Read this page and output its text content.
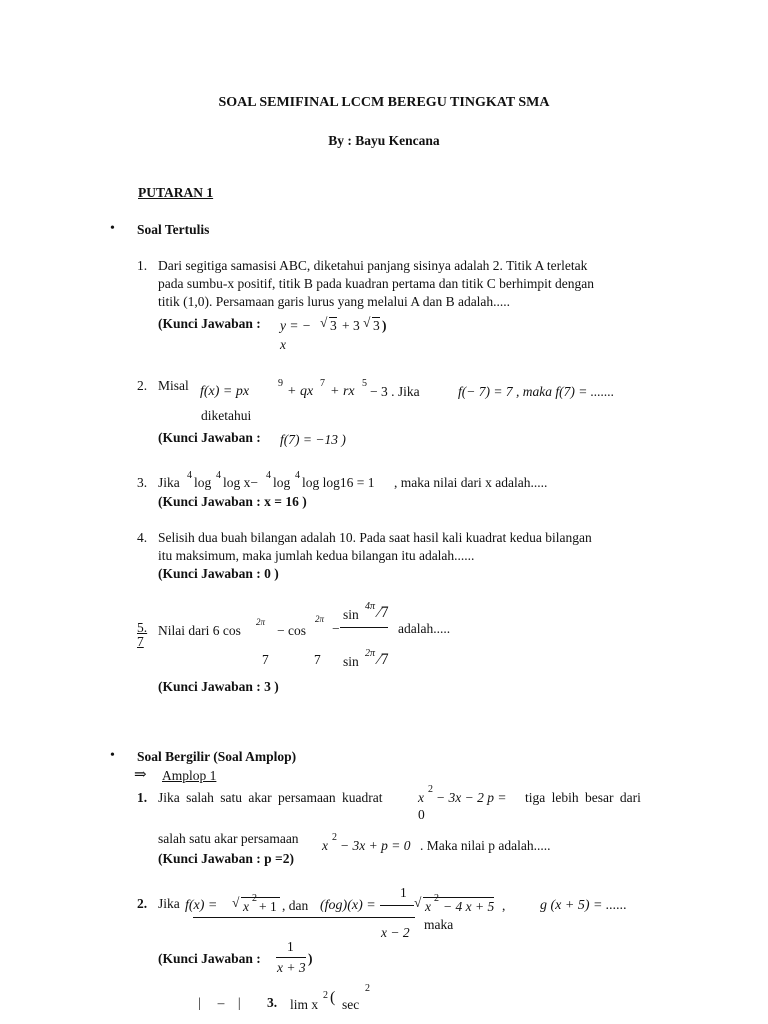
SOAL SEMIFINAL LCCM BEREGU TINGKAT SMA
By : Bayu Kencana
PUTARAN 1
• Soal Tertulis
1. Dari segitiga samasisi ABC, diketahui panjang sisinya adalah 2. Titik A terletak
pada sumbu-x positif, titik B pada kuadran pertama dan titik C berhimpit dengan
titik (1,0). Persamaan garis lurus yang melalui A dan B adalah.....
(Kunci Jawaban : y = − √ 3 + 3 √ 3 )
x
2. Misal f(x) = px
9
+ qx
7
+ rx
5
− 3 . Jika	f(− 7) = 7 , maka f(7) = .......
diketahui
(Kunci Jawaban : f(7) = −13 )
3. Jika 4 log 4 log x− 4 log 4 log log16 = 1 , maka nilai dari x adalah.....
(Kunci Jawaban : x = 16 )
4. Selisih dua buah bilangan adalah 10. Pada saat hasil kali kuadrat kedua bilangan
itu maksimum, maka jumlah kedua bilangan itu adalah......
(Kunci Jawaban : 0 )
5.
7
Nilai dari 6 cos
2π
− cos
2π
−
sin
4π ⁄7
adalah.....
7	7 sin
2π ⁄7
(Kunci Jawaban : 3 )
• Soal Bergilir (Soal Amplop)
⇒ Amplop 1
1. Jika salah satu akar persamaan kuadrat	x
2
− 3x − 2 p = tiga lebih besar dari
0
salah satu akar persamaan x
2
− 3x + p = 0 . Maka nilai p adalah.....
(Kunci Jawaban : p =2)
2. Jika f(x) = √ x
2
+ 1 , dan (fog)(x) =
1
√ x
2
− 4 x + 5 , g (x + 5) = ......
x − 2
maka
(Kunci Jawaban :
1
x + 3
)
|     –    | 3. lim x
2 ( sec
2
